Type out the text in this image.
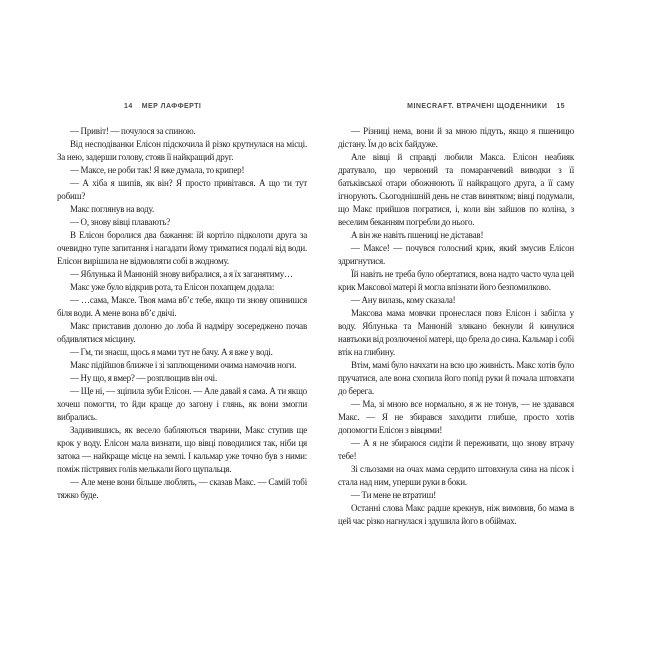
14 МЕР ЛАФФЕРТІ	MINECRAFT. ВТРАЧЕНІ ЩОДЕННИКИ 15

— Привіт! — почулося за спиною.

Від несподіванки Елісон підскочила й різко крутнулася на місці. За нею, задерши голову, стояв її найкращий друг.

— Максе, не роби так! Я вже думала, то крипер!

— А хіба я шипів, як він? Я просто привітався. А що ти тут робиш?

Макс поглянув на воду.

— О, знову вівці плавають?

В Елісон боролися два бажання: їй кортіло підколоти друга за очевидно тупе запитання і нагадати йому триматися подалі від води. Елісон вирішила не відмовляти собі в жодному.

— Яблунька й Манюній знову вибралися, а я їх заганятиму…

Макс уже було відкрив рота, та Елісон похапцем додала:

— …сама, Максе. Твоя мама вб’є тебе, якщо ти знову опинишся біля води. А мене вона вб’є двічі.

Макс приставив долоню до лоба й надміру зосереджено почав обдивлятися місцину.

— Гм, ти знаєш, щось я мами тут не бачу. А я вже у воді.

Макс підійшов ближче і зі заплющеними очима намочив ноги.

— Ну що, я вмер? — розплющив він очі.

— Ще ні, — зціпила зуби Елісон. — Але давай я сама. А ти якщо хочеш помогти, то йди краще до загону і глянь, як вони змогли вибрались.

Задивившись, як весело бабляються тварини, Макс ступив ще крок у воду. Елісон мала визнати, що вівці поводилися так, ніби ця затока — найкраще місце на землі. І кальмар уже точно був з ними: поміж пістрявих голів мелькали його щупальця.

— Але мене вони більше люблять, — сказав Макс. — Самій тобі тяжко буде.

— Різниці нема, вони й за мною підуть, якщо я пшеницю дістану. Їм до всіх байдуже.

Але вівці й справді любили Макса. Елісон неабияк дратувало, що червоний та помаранчевий виводки з її батьківської отари обожнюють її найкращого друга, а її саму ігнорують. Сьогоднішній день не став винятком; вівці подумали, що Макс прийшов погратися, і, коли він зайшов по коліна, з веселим беканням погребли до нього.

А він же навіть пшениці не діставав!

— Максе! — почувся голосний крик, який змусив Елісон здригнутися.

Їй навіть не треба було обертатися, вона надто часто чула цей крик Максової матері й могла впізнати його безпомилково.

— Ану вилазь, кому сказала!

Максова мама мовчки пронеслася повз Елісон і забігла у воду. Яблунька та Манюній злякано бекнули й кинулися навтьоки від розлюченої матері, що брела до сина. Кальмар і собі втік на глибину.

Втім, мамі було начхати на всю цю живність. Макс хотів було пручатися, але вона схопила його попід руки й почала штовхати до берега.

— Ма, зі мною все нормально, я ж не тонув, — не здавався Макс. — Я не збирався заходити глибше, просто хотів допомогти Елісон з вівцями!

— А я не збираюся сидіти й переживати, що знову втрачу тебе!

Зі сльозами на очах мама сердито штовхнула сина на пісок і стала над ним, уперши руки в боки.

— Ти мене не втратиш!

Останні слова Макс радше крекнув, ніж вимовив, бо мама в цей час різко нагнулася і здушила його в обіймах.
